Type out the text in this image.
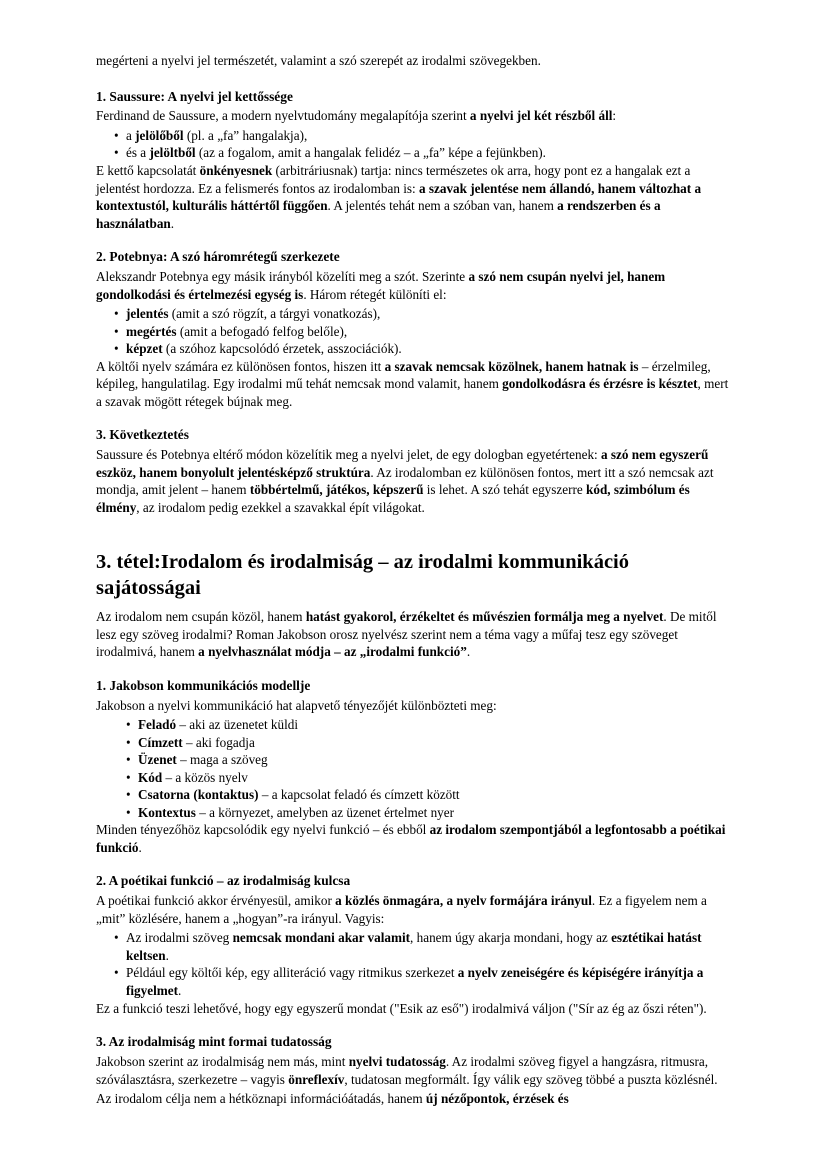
megérteni a nyelvi jel természetét, valamint a szó szerepét az irodalmi szövegekben.

1. Saussure: A nyelvi jel kettőssége

Ferdinand de Saussure, a modern nyelvtudomány megalapítója szerint a nyelvi jel két részből áll:

• a jelölőből (pl. a „fa” hangalakja),
• és a jelöltből (az a fogalom, amit a hangalak felidéz – a „fa” képe a fejünkben).

E kettő kapcsolatát önkényesnek (arbitráriusnak) tartja: nincs természetes ok arra, hogy pont ez a hangalak ezt a jelentést hordozza. Ez a felismerés fontos az irodalomban is: a szavak jelentése nem állandó, hanem változhat a kontextustól, kulturális háttértől függően. A jelentés tehát nem a szóban van, hanem a rendszerben és a használatban.

2. Potebnya: A szó háromrétegű szerkezete

Alekszandr Potebnya egy másik irányból közelíti meg a szót. Szerinte a szó nem csupán nyelvi jel, hanem gondolkodási és értelmezési egység is. Három rétegét különíti el:

• jelentés (amit a szó rögzít, a tárgyi vonatkozás),
• megértés (amit a befogadó felfog belőle),
• képzet (a szóhoz kapcsolódó érzetek, asszociációk).

A költői nyelv számára ez különösen fontos, hiszen itt a szavak nemcsak közölnek, hanem hatnak is – érzelmileg, képileg, hangulatilag. Egy irodalmi mű tehát nemcsak mond valamit, hanem gondolkodásra és érzésre is késztet, mert a szavak mögött rétegek bújnak meg.

3. Következtetés

Saussure és Potebnya eltérő módon közelítik meg a nyelvi jelet, de egy dologban egyetértenek: a szó nem egyszerű eszköz, hanem bonyolult jelentésképző struktúra. Az irodalomban ez különösen fontos, mert itt a szó nemcsak azt mondja, amit jelent – hanem többértelmű, játékos, képszerű is lehet. A szó tehát egyszerre kód, szimbólum és élmény, az irodalom pedig ezekkel a szavakkal épít világokat.

3. tétel:Irodalom és irodalmiság – az irodalmi kommunikáció sajátosságai

Az irodalom nem csupán közöl, hanem hatást gyakorol, érzékeltet és művészien formálja meg a nyelvet. De mitől lesz egy szöveg irodalmi? Roman Jakobson orosz nyelvész szerint nem a téma vagy a műfaj tesz egy szöveget irodalmivá, hanem a nyelvhasználat módja – az „irodalmi funkció”.

1. Jakobson kommunikációs modellje

Jakobson a nyelvi kommunikáció hat alapvető tényezőjét különbözteti meg:

• Feladó – aki az üzenetet küldi
• Címzett – aki fogadja
• Üzenet – maga a szöveg
• Kód – a közös nyelv
• Csatorna (kontaktus) – a kapcsolat feladó és címzett között
• Kontextus – a környezet, amelyben az üzenet értelmet nyer

Minden tényezőhöz kapcsolódik egy nyelvi funkció – és ebből az irodalom szempontjából a legfontosabb a poétikai funkció.

2. A poétikai funkció – az irodalmiság kulcsa

A poétikai funkció akkor érvényesül, amikor a közlés önmagára, a nyelv formájára irányul. Ez a figyelem nem a „mit” közlésére, hanem a „hogyan”-ra irányul. Vagyis:

• Az irodalmi szöveg nemcsak mondani akar valamit, hanem úgy akarja mondani, hogy az esztétikai hatást keltsen.
• Például egy költői kép, egy alliteráció vagy ritmikus szerkezet a nyelv zeneiségére és képiségére irányítja a figyelmet.

Ez a funkció teszi lehetővé, hogy egy egyszerű mondat ("Esik az eső") irodalmivá váljon ("Sír az ég az őszi réten").

3. Az irodalmiság mint formai tudatosság

Jakobson szerint az irodalmiság nem más, mint nyelvi tudatosság. Az irodalmi szöveg figyel a hangzásra, ritmusra, szóválasztásra, szerkezetre – vagyis önreflexív, tudatosan megformált. Így válik egy szöveg többé a puszta közlésnél.

Az irodalom célja nem a hétköznapi információátadás, hanem új nézőpontok, érzések és
